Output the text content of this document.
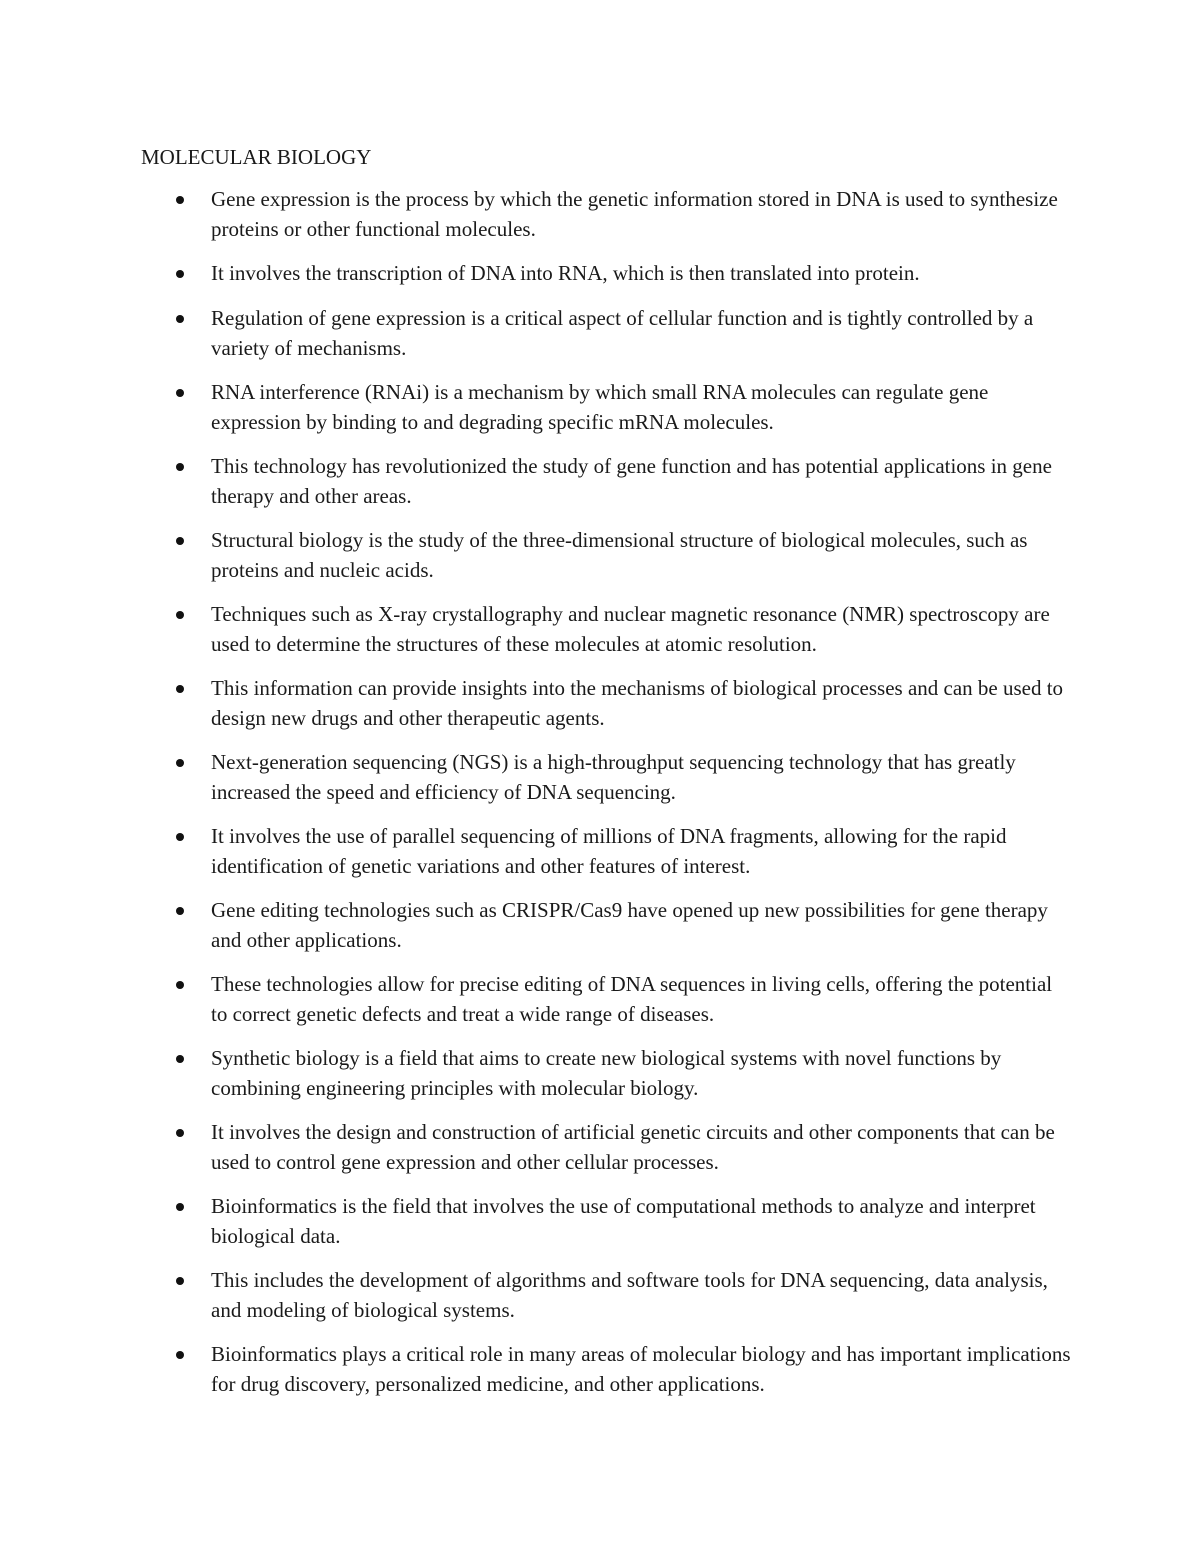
MOLECULAR BIOLOGY
Gene expression is the process by which the genetic information stored in DNA is used to synthesize proteins or other functional molecules.
It involves the transcription of DNA into RNA, which is then translated into protein.
Regulation of gene expression is a critical aspect of cellular function and is tightly controlled by a variety of mechanisms.
RNA interference (RNAi) is a mechanism by which small RNA molecules can regulate gene expression by binding to and degrading specific mRNA molecules.
This technology has revolutionized the study of gene function and has potential applications in gene therapy and other areas.
Structural biology is the study of the three-dimensional structure of biological molecules, such as proteins and nucleic acids.
Techniques such as X-ray crystallography and nuclear magnetic resonance (NMR) spectroscopy are used to determine the structures of these molecules at atomic resolution.
This information can provide insights into the mechanisms of biological processes and can be used to design new drugs and other therapeutic agents.
Next-generation sequencing (NGS) is a high-throughput sequencing technology that has greatly increased the speed and efficiency of DNA sequencing.
It involves the use of parallel sequencing of millions of DNA fragments, allowing for the rapid identification of genetic variations and other features of interest.
Gene editing technologies such as CRISPR/Cas9 have opened up new possibilities for gene therapy and other applications.
These technologies allow for precise editing of DNA sequences in living cells, offering the potential to correct genetic defects and treat a wide range of diseases.
Synthetic biology is a field that aims to create new biological systems with novel functions by combining engineering principles with molecular biology.
It involves the design and construction of artificial genetic circuits and other components that can be used to control gene expression and other cellular processes.
Bioinformatics is the field that involves the use of computational methods to analyze and interpret biological data.
This includes the development of algorithms and software tools for DNA sequencing, data analysis, and modeling of biological systems.
Bioinformatics plays a critical role in many areas of molecular biology and has important implications for drug discovery, personalized medicine, and other applications.
